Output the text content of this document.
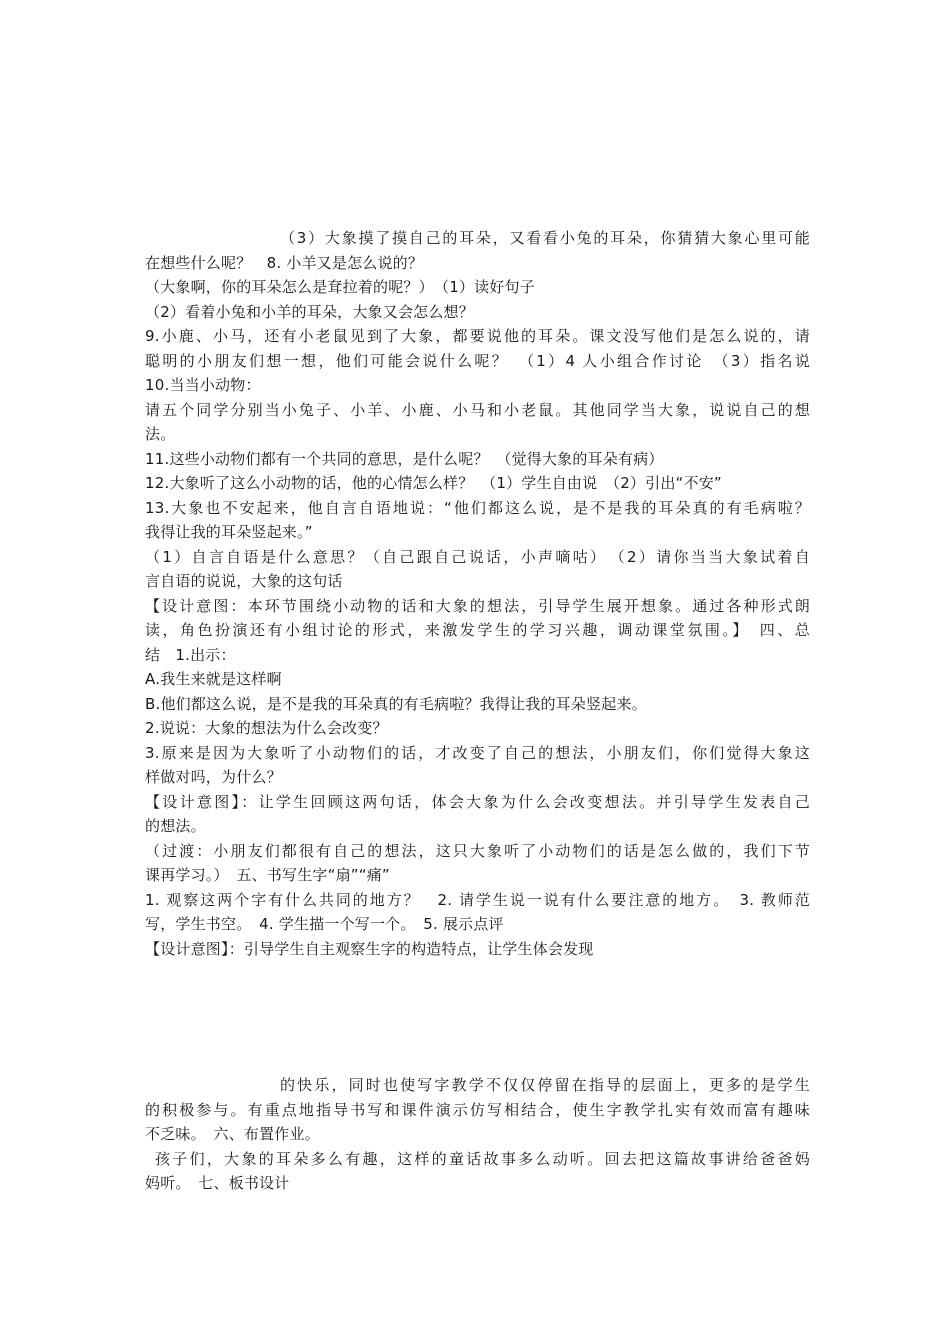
（3）大象摸了摸自己的耳朵，又看看小兔的耳朵，你猜猜大象心里可能
在想些什么呢？　8. 小羊又是怎么说的？
（大象啊，你的耳朵怎么是耷拉着的呢？）　（1）读好句子
（2）看着小兔和小羊的耳朵，大象又会怎么想？
9.小鹿、小马，还有小老鼠见到了大象，都要说他的耳朵。课文没写他们是怎么说的，请
聪明的小朋友们想一想，他们可能会说什么呢？　（1）4 人小组合作讨论　（3）指名说
10.当当小动物：
请五个同学分别当小兔子、小羊、小鹿、小马和小老鼠。其他同学当大象，说说自己的想
法。
11.这些小动物们都有一个共同的意思，是什么呢？　（觉得大象的耳朵有病）
12.大象听了这么小动物的话，他的心情怎么样？　（1）学生自由说　（2）引出“不安”
13.大象也不安起来，他自言自语地说：“他们都这么说，是不是我的耳朵真的有毛病啦？
我得让我的耳朵竖起来。”
（1）自言自语是什么意思？（自己跟自己说话，小声嘀咕）　（2）请你当当大象试着自
言自语的说说，大象的这句话
【设计意图：本环节围绕小动物的话和大象的想法，引导学生展开想象。通过各种形式朗
读，角色扮演还有小组讨论的形式，来激发学生的学习兴趣，调动课堂氛围。】　四、总
结　1.出示：
A.我生来就是这样啊
B.他们都这么说，是不是我的耳朵真的有毛病啦？我得让我的耳朵竖起来。
2.说说：大象的想法为什么会改变？
3.原来是因为大象听了小动物们的话，才改变了自己的想法，小朋友们，你们觉得大象这
样做对吗，为什么？
【设计意图】：让学生回顾这两句话，体会大象为什么会改变想法。并引导学生发表自己
的想法。
（过渡：小朋友们都很有自己的想法，这只大象听了小动物们的话是怎么做的，我们下节
课再学习。）　五、书写生字“扇”“痛”
1. 观察这两个字有什么共同的地方？　2. 请学生说一说有什么要注意的地方。　3. 教师范
写，学生书空。　4. 学生描一个写一个。　5. 展示点评
【设计意图】：引导学生自主观察生字的构造特点，让学生体会发现
的快乐，同时也使写字教学不仅仅停留在指导的层面上，更多的是学生
的积极参与。有重点地指导书写和课件演示仿写相结合，使生字教学扎实有效而富有趣味
不乏味。　六、布置作业。
孩子们，大象的耳朵多么有趣，这样的童话故事多么动听。回去把这篇故事讲给爸爸妈
妈听。　七、板书设计
